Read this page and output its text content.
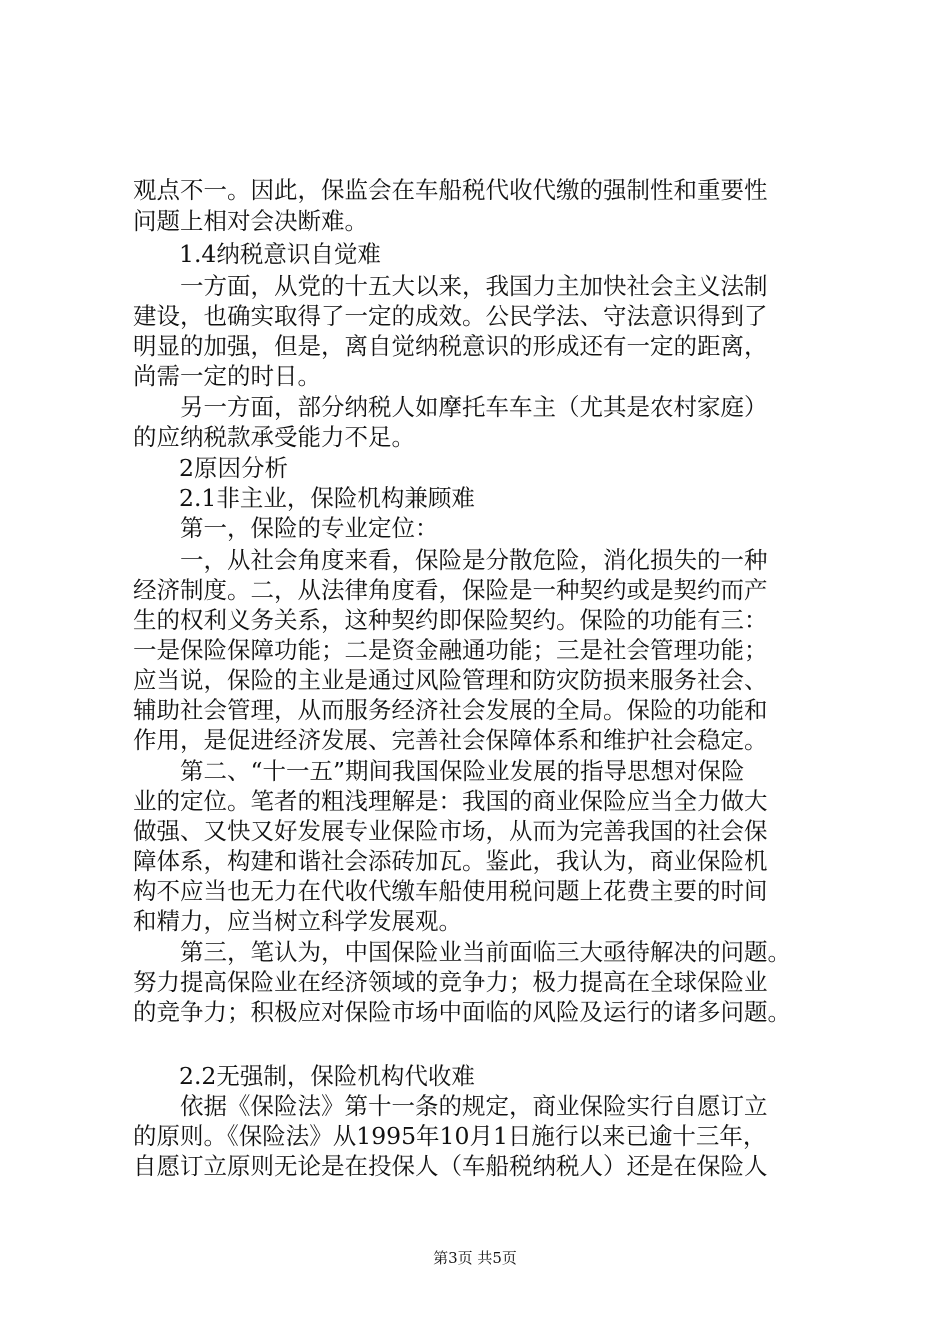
观点不一。因此，保监会在车船税代收代缴的强制性和重要性
问题上相对会决断难。
1.4纳税意识自觉难
一方面，从党的十五大以来，我国力主加快社会主义法制
建设，也确实取得了一定的成效。公民学法、守法意识得到了
明显的加强，但是，离自觉纳税意识的形成还有一定的距离，
尚需一定的时日。
另一方面，部分纳税人如摩托车车主（尤其是农村家庭）
的应纳税款承受能力不足。
2原因分析
2.1非主业，保险机构兼顾难
第一，保险的专业定位：
一，从社会角度来看，保险是分散危险，消化损失的一种
经济制度。二，从法律角度看，保险是一种契约或是契约而产
生的权利义务关系，这种契约即保险契约。保险的功能有三：
一是保险保障功能；二是资金融通功能；三是社会管理功能；
应当说，保险的主业是通过风险管理和防灾防损来服务社会、
辅助社会管理，从而服务经济社会发展的全局。保险的功能和
作用，是促进经济发展、完善社会保障体系和维护社会稳定。
第二、“十一五”期间我国保险业发展的指导思想对保险
业的定位。笔者的粗浅理解是：我国的商业保险应当全力做大
做强、又快又好发展专业保险市场，从而为完善我国的社会保
障体系，构建和谐社会添砖加瓦。鉴此，我认为，商业保险机
构不应当也无力在代收代缴车船使用税问题上花费主要的时间
和精力，应当树立科学发展观。
第三，笔认为，中国保险业当前面临三大亟待解决的问题。
努力提高保险业在经济领域的竞争力；极力提高在全球保险业
的竞争力；积极应对保险市场中面临的风险及运行的诸多问题。
2.2无强制，保险机构代收难
依据《保险法》第十一条的规定，商业保险实行自愿订立
的原则。《保险法》从1995年10月1日施行以来已逾十三年，
自愿订立原则无论是在投保人（车船税纳税人）还是在保险人
第3页 共5页
